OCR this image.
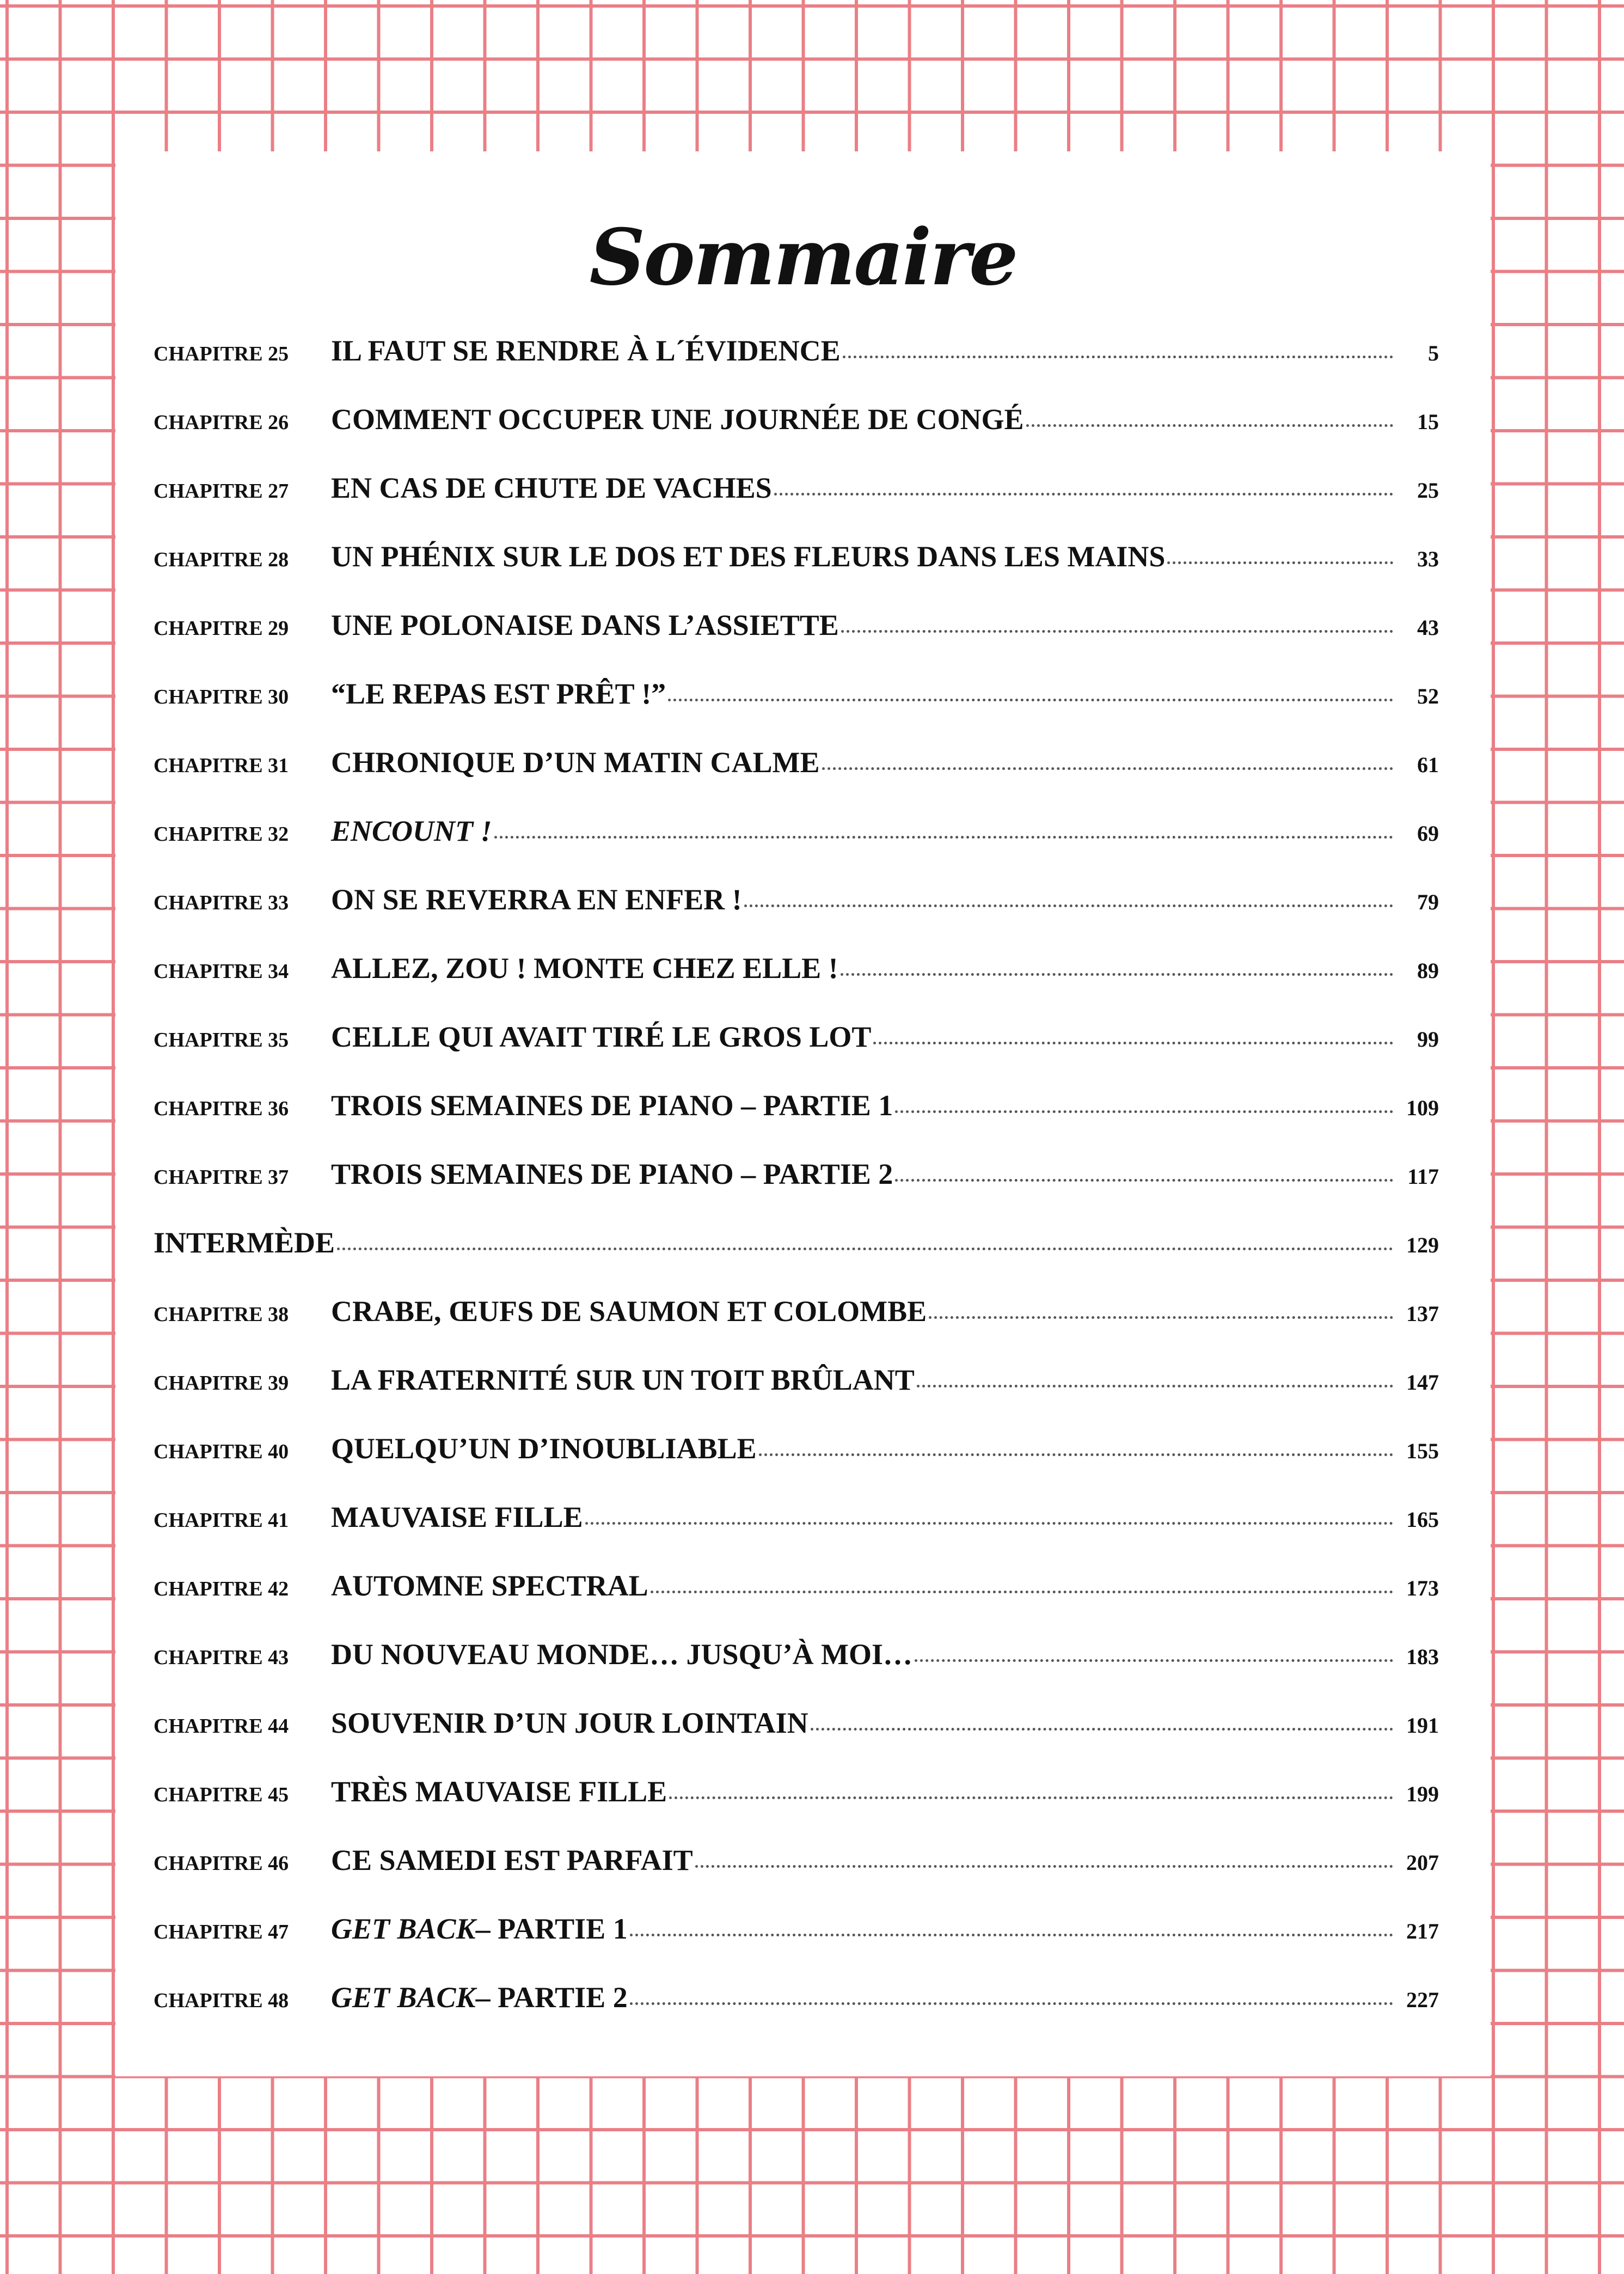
Sommaire
CHAPITRE 25	IL FAUT SE RENDRE À L´ÉVIDENCE	5
CHAPITRE 26	COMMENT OCCUPER UNE JOURNÉE DE CONGÉ	15
CHAPITRE 27	EN CAS DE CHUTE DE VACHES	25
CHAPITRE 28	UN PHÉNIX SUR LE DOS ET DES FLEURS DANS LES MAINS	33
CHAPITRE 29	UNE POLONAISE DANS L’ASSIETTE	43
CHAPITRE 30	“LE REPAS EST PRÊT !”	52
CHAPITRE 31	CHRONIQUE D’UN MATIN CALME	61
CHAPITRE 32	ENCOUNT !	69
CHAPITRE 33	ON SE REVERRA EN ENFER !	79
CHAPITRE 34	ALLEZ, ZOU ! MONTE CHEZ ELLE !	89
CHAPITRE 35	CELLE QUI AVAIT TIRÉ LE GROS LOT	99
CHAPITRE 36	TROIS SEMAINES DE PIANO – PARTIE 1	109
CHAPITRE 37	TROIS SEMAINES DE PIANO – PARTIE 2	117
INTERMÈDE	129
CHAPITRE 38	CRABE, ŒUFS DE SAUMON ET COLOMBE	137
CHAPITRE 39	LA FRATERNITÉ SUR UN TOIT BRÛLANT	147
CHAPITRE 40	QUELQU’UN D’INOUBLIABLE	155
CHAPITRE 41	MAUVAISE FILLE	165
CHAPITRE 42	AUTOMNE SPECTRAL	173
CHAPITRE 43	DU NOUVEAU MONDE… JUSQU’À MOI…	183
CHAPITRE 44	SOUVENIR D’UN JOUR LOINTAIN	191
CHAPITRE 45	TRÈS MAUVAISE FILLE	199
CHAPITRE 46	CE SAMEDI EST PARFAIT	207
CHAPITRE 47	GET BACK – PARTIE 1	217
CHAPITRE 48	GET BACK – PARTIE 2	227
